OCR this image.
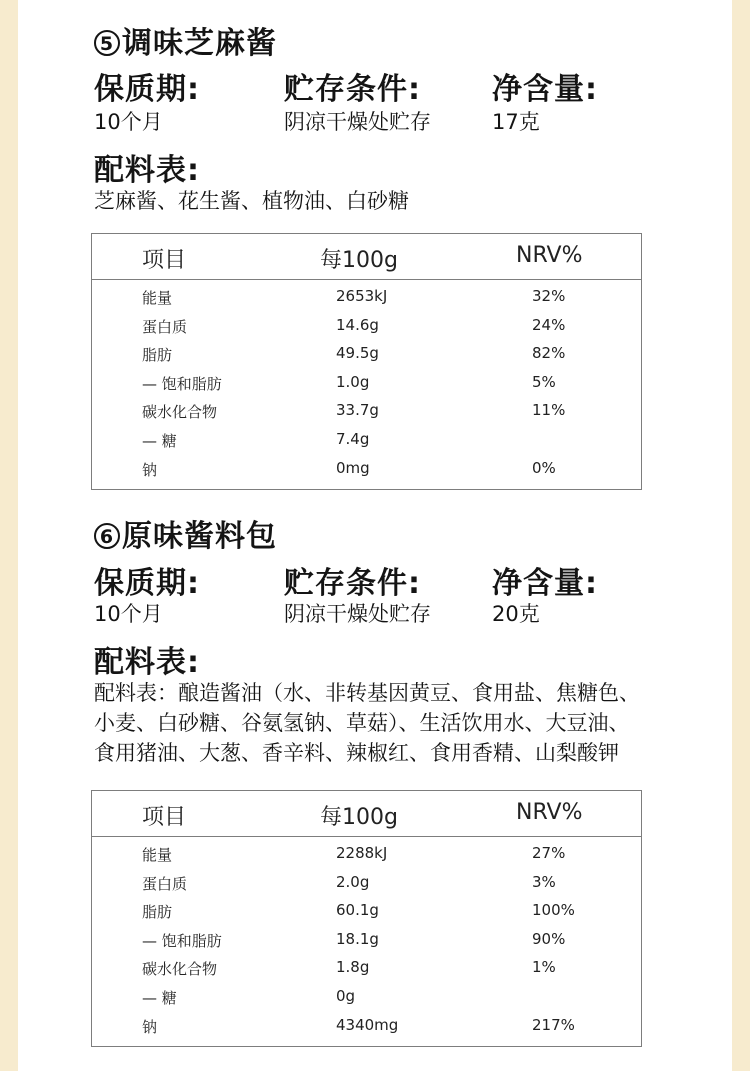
5 调味芝麻酱
保质期:	贮存条件: 净含量:
10个月	阴凉干燥处贮存	17克
配料表:
芝麻酱、花生酱、植物油、白砂糖
项目	每100g	NRV%
能量	2653kJ	32%
蛋白质	14.6g	24%
脂肪	49.5g	82%
— 饱和脂肪	1.0g	5%
碳水化合物	33.7g	11%
— 糖	7.4g
钠	0mg	0%
6 原味酱料包
保质期:	贮存条件: 净含量:
10个月	阴凉干燥处贮存	20克
配料表:
配料表：酿造酱油（水、非转基因黄豆、食用盐、焦糖色、
小麦、白砂糖、谷氨氢钠、草菇）、生活饮用水、大豆油、
食用猪油、大葱、香辛料、辣椒红、食用香精、山梨酸钾
项目	每100g	NRV%
能量	2288kJ	27%
蛋白质	2.0g	3%
脂肪	60.1g	100%
— 饱和脂肪	18.1g	90%
碳水化合物	1.8g	1%
— 糖	0g
钠	4340mg	217%
